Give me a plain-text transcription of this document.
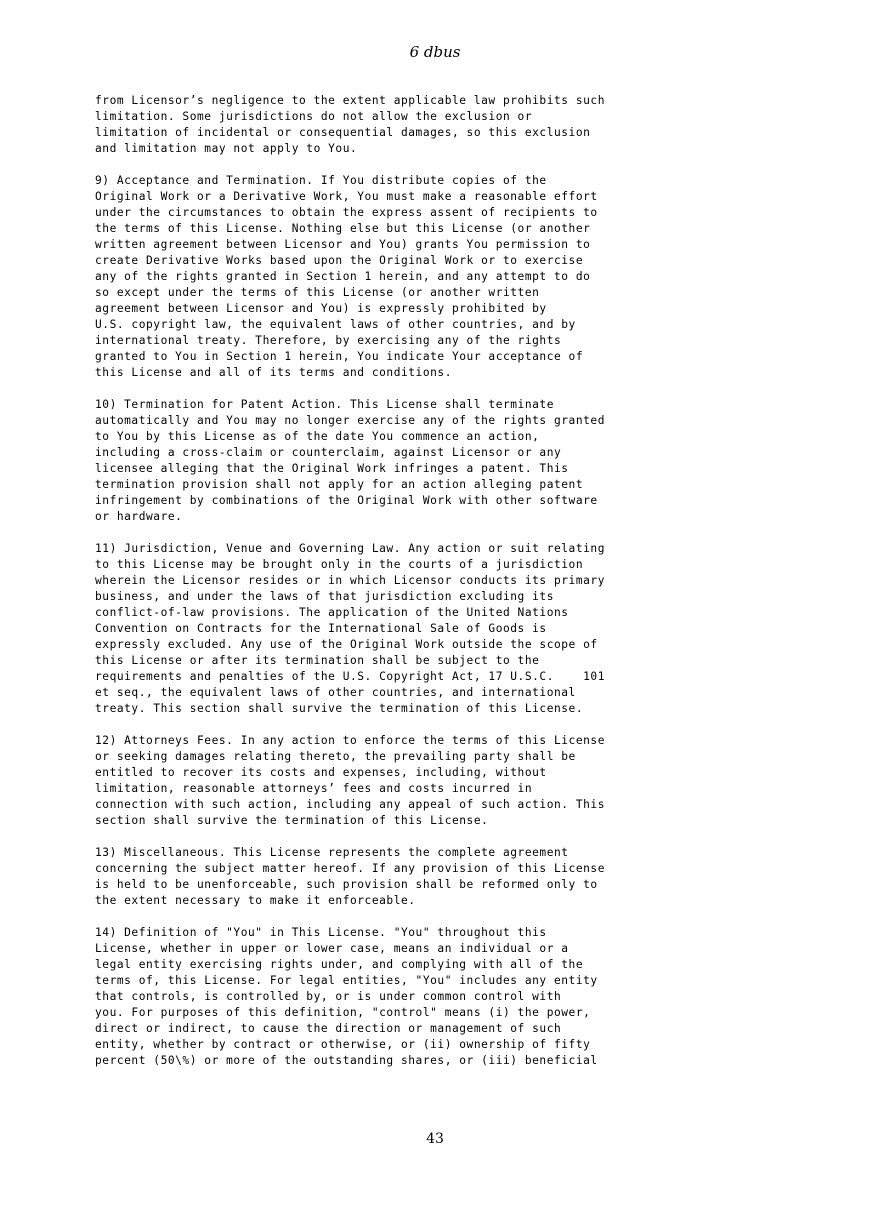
6 dbus
from Licensor’s negligence to the extent applicable law prohibits such
limitation. Some jurisdictions do not allow the exclusion or
limitation of incidental or consequential damages, so this exclusion
and limitation may not apply to You.
9) Acceptance and Termination. If You distribute copies of the
Original Work or a Derivative Work, You must make a reasonable effort
under the circumstances to obtain the express assent of recipients to
the terms of this License. Nothing else but this License (or another
written agreement between Licensor and You) grants You permission to
create Derivative Works based upon the Original Work or to exercise
any of the rights granted in Section 1 herein, and any attempt to do
so except under the terms of this License (or another written
agreement between Licensor and You) is expressly prohibited by
U.S. copyright law, the equivalent laws of other countries, and by
international treaty. Therefore, by exercising any of the rights
granted to You in Section 1 herein, You indicate Your acceptance of
this License and all of its terms and conditions.
10) Termination for Patent Action. This License shall terminate
automatically and You may no longer exercise any of the rights granted
to You by this License as of the date You commence an action,
including a cross-claim or counterclaim, against Licensor or any
licensee alleging that the Original Work infringes a patent. This
termination provision shall not apply for an action alleging patent
infringement by combinations of the Original Work with other software
or hardware.
11) Jurisdiction, Venue and Governing Law. Any action or suit relating
to this License may be brought only in the courts of a jurisdiction
wherein the Licensor resides or in which Licensor conducts its primary
business, and under the laws of that jurisdiction excluding its
conflict-of-law provisions. The application of the United Nations
Convention on Contracts for the International Sale of Goods is
expressly excluded. Any use of the Original Work outside the scope of
this License or after its termination shall be subject to the
requirements and penalties of the U.S. Copyright Act, 17 U.S.C.    101
et seq., the equivalent laws of other countries, and international
treaty. This section shall survive the termination of this License.
12) Attorneys Fees. In any action to enforce the terms of this License
or seeking damages relating thereto, the prevailing party shall be
entitled to recover its costs and expenses, including, without
limitation, reasonable attorneys’ fees and costs incurred in
connection with such action, including any appeal of such action. This
section shall survive the termination of this License.
13) Miscellaneous. This License represents the complete agreement
concerning the subject matter hereof. If any provision of this License
is held to be unenforceable, such provision shall be reformed only to
the extent necessary to make it enforceable.
14) Definition of "You" in This License. "You" throughout this
License, whether in upper or lower case, means an individual or a
legal entity exercising rights under, and complying with all of the
terms of, this License. For legal entities, "You" includes any entity
that controls, is controlled by, or is under common control with
you. For purposes of this definition, "control" means (i) the power,
direct or indirect, to cause the direction or management of such
entity, whether by contract or otherwise, or (ii) ownership of fifty
percent (50\%) or more of the outstanding shares, or (iii) beneficial
43
